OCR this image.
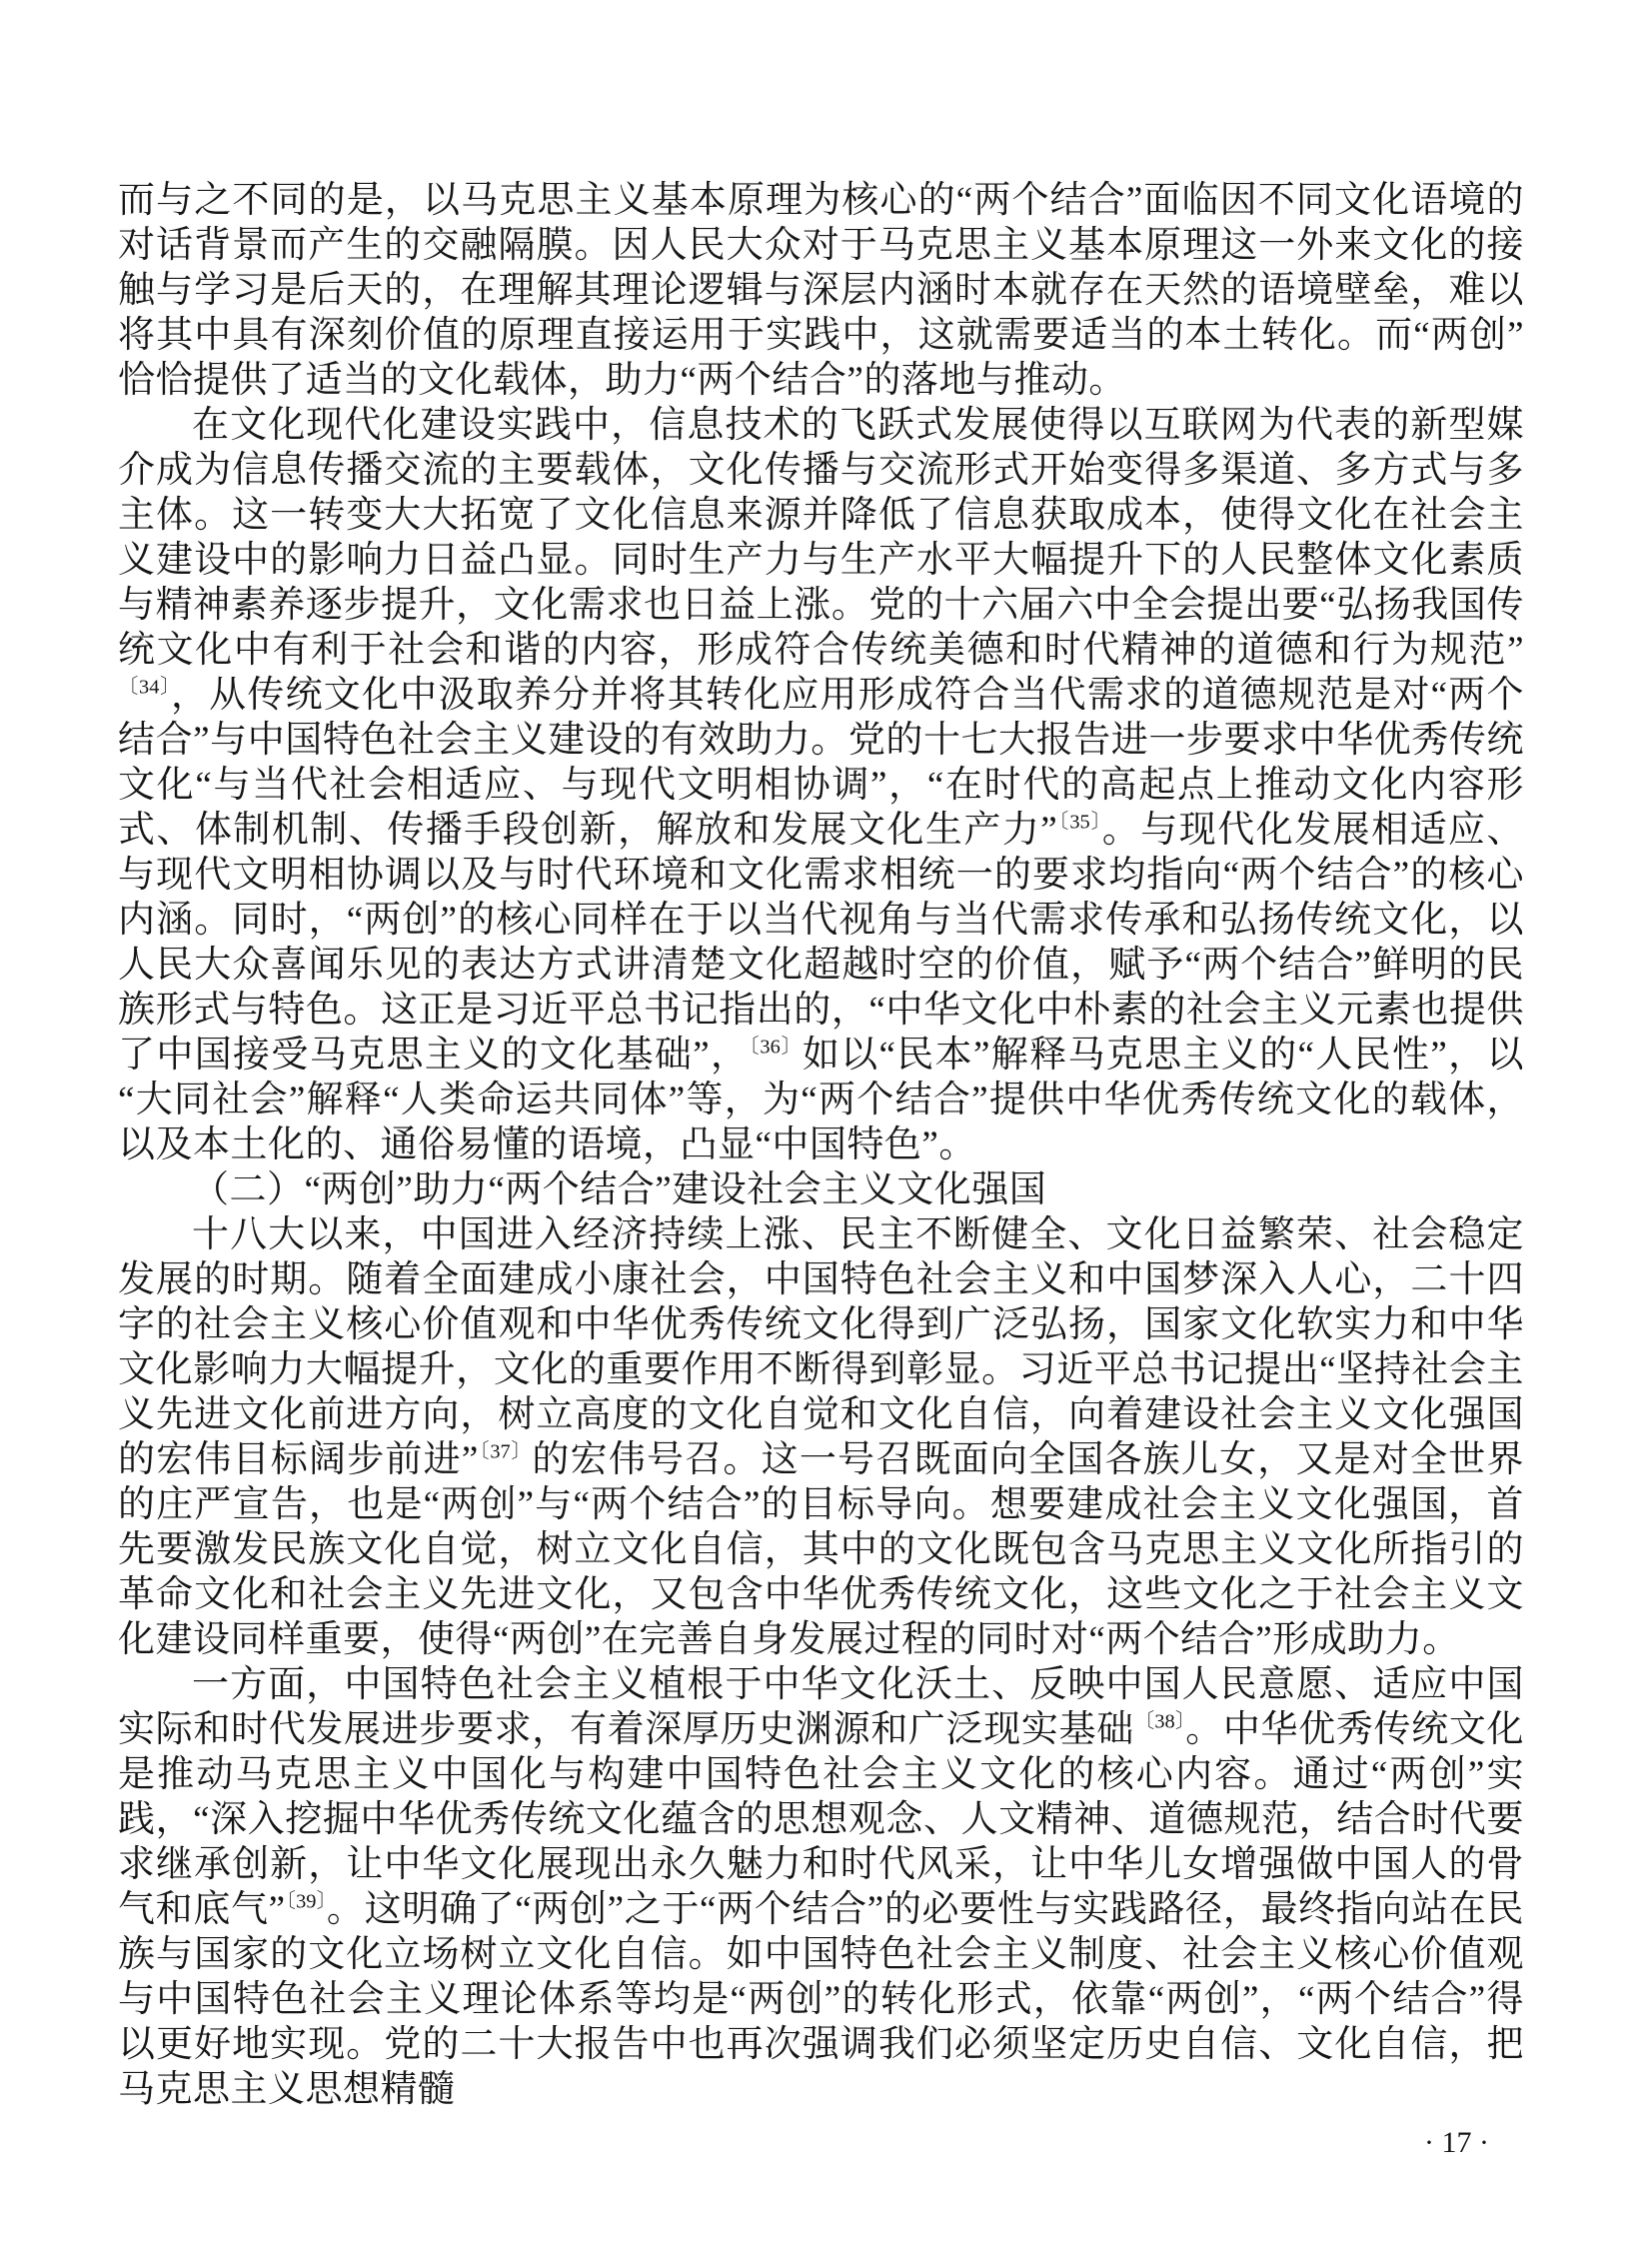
而与之不同的是，以马克思主义基本原理为核心的“两个结合”面临因不同文化语境的对话背景而产生的交融隔膜。因人民大众对于马克思主义基本原理这一外来文化的接触与学习是后天的，在理解其理论逻辑与深层内涵时本就存在天然的语境壁垒，难以将其中具有深刻价值的原理直接运用于实践中，这就需要适当的本土转化。而“两创”恰恰提供了适当的文化载体，助力“两个结合”的落地与推动。

在文化现代化建设实践中，信息技术的飞跃式发展使得以互联网为代表的新型媒介成为信息传播交流的主要载体，文化传播与交流形式开始变得多渠道、多方式与多主体。这一转变大大拓宽了文化信息来源并降低了信息获取成本，使得文化在社会主义建设中的影响力日益凸显。同时生产力与生产水平大幅提升下的人民整体文化素质与精神素养逐步提升，文化需求也日益上涨。党的十六届六中全会提出要“弘扬我国传统文化中有利于社会和谐的内容，形成符合传统美德和时代精神的道德和行为规范”$^{〔34〕}$，从传统文化中汲取养分并将其转化应用形成符合当代需求的道德规范是对“两个结合”与中国特色社会主义建设的有效助力。党的十七大报告进一步要求中华优秀传统文化“与当代社会相适应、与现代文明相协调”，“在时代的高起点上推动文化内容形式、体制机制、传播手段创新，解放和发展文化生产力”$^{〔35〕}$。与现代化发展相适应、与现代文明相协调以及与时代环境和文化需求相统一的要求均指向“两个结合”的核心内涵。同时，“两创”的核心同样在于以当代视角与当代需求传承和弘扬传统文化，以人民大众喜闻乐见的表达方式讲清楚文化超越时空的价值，赋予“两个结合”鲜明的民族形式与特色。这正是习近平总书记指出的，“中华文化中朴素的社会主义元素也提供了中国接受马克思主义的文化基础”，$^{〔36〕}$如以“民本”解释马克思主义的“人民性”，以“大同社会”解释“人类命运共同体”等，为“两个结合”提供中华优秀传统文化的载体，以及本土化的、通俗易懂的语境，凸显“中国特色”。

（二）“两创”助力“两个结合”建设社会主义文化强国

十八大以来，中国进入经济持续上涨、民主不断健全、文化日益繁荣、社会稳定发展的时期。随着全面建成小康社会，中国特色社会主义和中国梦深入人心，二十四字的社会主义核心价值观和中华优秀传统文化得到广泛弘扬，国家文化软实力和中华文化影响力大幅提升，文化的重要作用不断得到彰显。习近平总书记提出“坚持社会主义先进文化前进方向，树立高度的文化自觉和文化自信，向着建设社会主义文化强国的宏伟目标阔步前进”$^{〔37〕}$的宏伟号召。这一号召既面向全国各族儿女，又是对全世界的庄严宣告，也是“两创”与“两个结合”的目标导向。想要建成社会主义文化强国，首先要激发民族文化自觉，树立文化自信，其中的文化既包含马克思主义文化所指引的革命文化和社会主义先进文化，又包含中华优秀传统文化，这些文化之于社会主义文化建设同样重要，使得“两创”在完善自身发展过程的同时对“两个结合”形成助力。

一方面，中国特色社会主义植根于中华文化沃土、反映中国人民意愿、适应中国实际和时代发展进步要求，有着深厚历史渊源和广泛现实基础$^{〔38〕}$。中华优秀传统文化是推动马克思主义中国化与构建中国特色社会主义文化的核心内容。通过“两创”实践，“深入挖掘中华优秀传统文化蕴含的思想观念、人文精神、道德规范，结合时代要求继承创新，让中华文化展现出永久魅力和时代风采，让中华儿女增强做中国人的骨气和底气”$^{〔39〕}$。这明确了“两创”之于“两个结合”的必要性与实践路径，最终指向站在民族与国家的文化立场树立文化自信。如中国特色社会主义制度、社会主义核心价值观与中国特色社会主义理论体系等均是“两创”的转化形式，依靠“两创”，“两个结合”得以更好地实现。党的二十大报告中也再次强调我们必须坚定历史自信、文化自信，把马克思主义思想精髓

· 17 ·
